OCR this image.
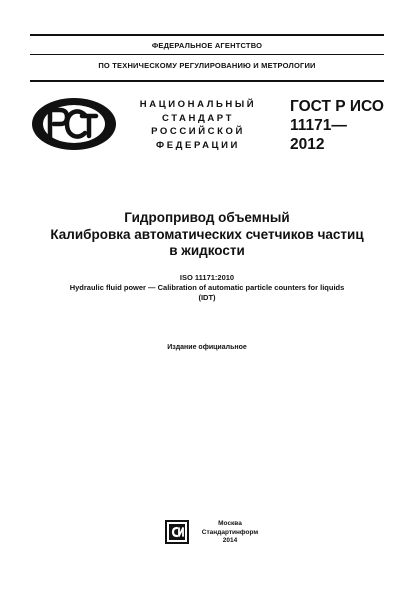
ФЕДЕРАЛЬНОЕ АГЕНТСТВО
ПО ТЕХНИЧЕСКОМУ РЕГУЛИРОВАНИЮ И МЕТРОЛОГИИ
НАЦИОНАЛЬНЫЙ
СТАНДАРТ
РОССИЙСКОЙ
ФЕДЕРАЦИИ
ГОСТ Р ИСО
11171—
2012
Гидропривод объемный
Калибровка автоматических счетчиков частиц
в жидкости
ISO 11171:2010
Hydraulic fluid power — Calibration of automatic particle counters for liquids
(IDT)
Издание официальное
Москва
Стандартинформ
2014
